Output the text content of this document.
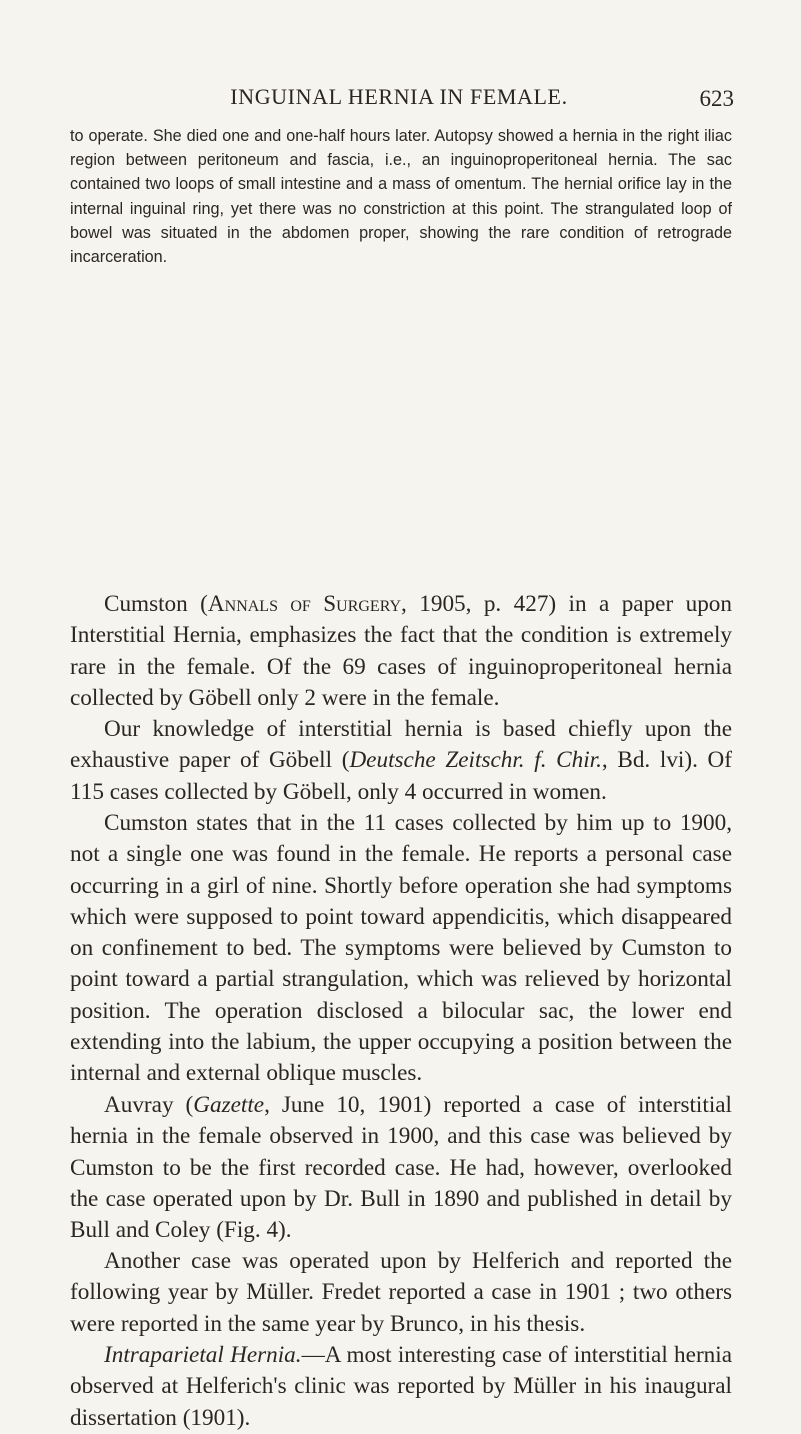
INGUINAL HERNIA IN FEMALE.	623

to operate. She died one and one-half hours later. Autopsy showed a hernia in the right iliac region between peritoneum and fascia, i.e., an inguinoproperitoneal hernia. The sac contained two loops of small intestine and a mass of omentum. The hernial orifice lay in the internal inguinal ring, yet there was no constriction at this point. The strangulated loop of bowel was situated in the abdomen proper, showing the rare condition of retrograde incarceration.

Cumston (Annals of Surgery, 1905, p. 427) in a paper upon Interstitial Hernia, emphasizes the fact that the condition is extremely rare in the female. Of the 69 cases of inguinoproperitoneal hernia collected by Göbell only 2 were in the female.

Our knowledge of interstitial hernia is based chiefly upon the exhaustive paper of Göbell (Deutsche Zeitschr. f. Chir., Bd. lvi). Of 115 cases collected by Göbell, only 4 occurred in women.

Cumston states that in the 11 cases collected by him up to 1900, not a single one was found in the female. He reports a personal case occurring in a girl of nine. Shortly before operation she had symptoms which were supposed to point toward appendicitis, which disappeared on confinement to bed. The symptoms were believed by Cumston to point toward a partial strangulation, which was relieved by horizontal position. The operation disclosed a bilocular sac, the lower end extending into the labium, the upper occupying a position between the internal and external oblique muscles.

Auvray (Gazette, June 10, 1901) reported a case of interstitial hernia in the female observed in 1900, and this case was believed by Cumston to be the first recorded case. He had, however, overlooked the case operated upon by Dr. Bull in 1890 and published in detail by Bull and Coley (Fig. 4).

Another case was operated upon by Helferich and reported the following year by Müller. Fredet reported a case in 1901 ; two others were reported in the same year by Brunco, in his thesis.

Intraparietal Hernia.—A most interesting case of interstitial hernia observed at Helferich's clinic was reported by Müller in his inaugural dissertation (1901).
